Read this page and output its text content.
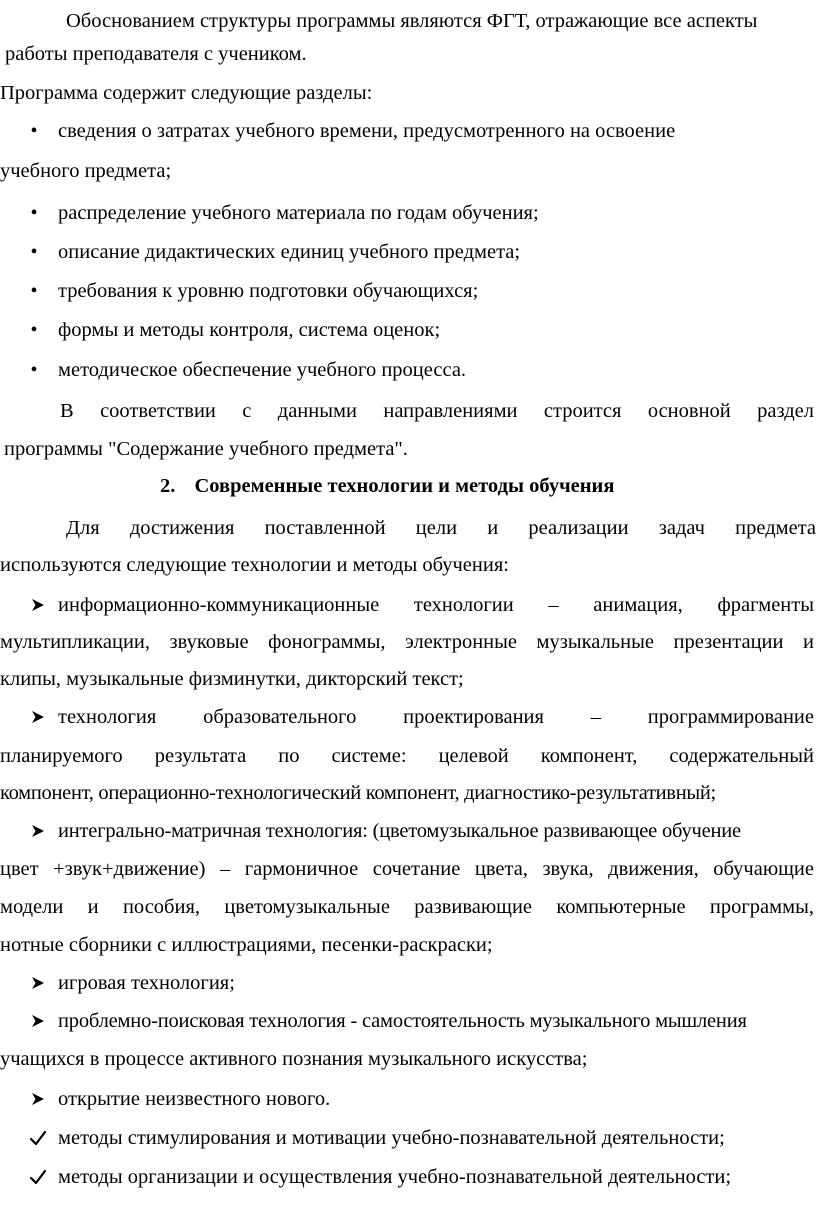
Обоснованием структуры программы являются ФГТ, отражающие все аспекты
работы преподавателя с учеником.
Программа содержит следующие разделы:
•	сведения о затратах учебного времени, предусмотренного на освоение
учебного предмета;
•	распределение учебного материала по годам обучения;
•	описание дидактических единиц учебного предмета;
•	требования к уровню подготовки обучающихся;
•	формы и методы контроля, система оценок;
•	методическое обеспечение учебного процесса.
В соответствии с данными направлениями строится основной раздел
программы "Содержание учебного предмета".
2. Современные технологии и методы обучения
Для достижения поставленной цели и реализации задач предмета
используются следующие технологии и методы обучения:
информационно-коммуникационные технологии – анимация, фрагменты
мультипликации, звуковые фонограммы, электронные музыкальные презентации и
клипы, музыкальные физминутки, дикторский текст;
технология образовательного проектирования – программирование
планируемого результата по системе: целевой компонент, содержательный
компонент, операционно-технологический компонент, диагностико-результативный;
интегрально-матричная технология: (цветомузыкальное развивающее обучение
цвет +звук+движение) – гармоничное сочетание цвета, звука, движения, обучающие
модели и пособия, цветомузыкальные развивающие компьютерные программы,
нотные сборники с иллюстрациями, песенки-раскраски;
игровая технология;
проблемно-поисковая технология - самостоятельность музыкального мышления
учащихся в процессе активного познания музыкального искусства;
открытие неизвестного нового.
методы стимулирования и мотивации учебно-познавательной деятельности;
методы организации и осуществления учебно-познавательной деятельности;
